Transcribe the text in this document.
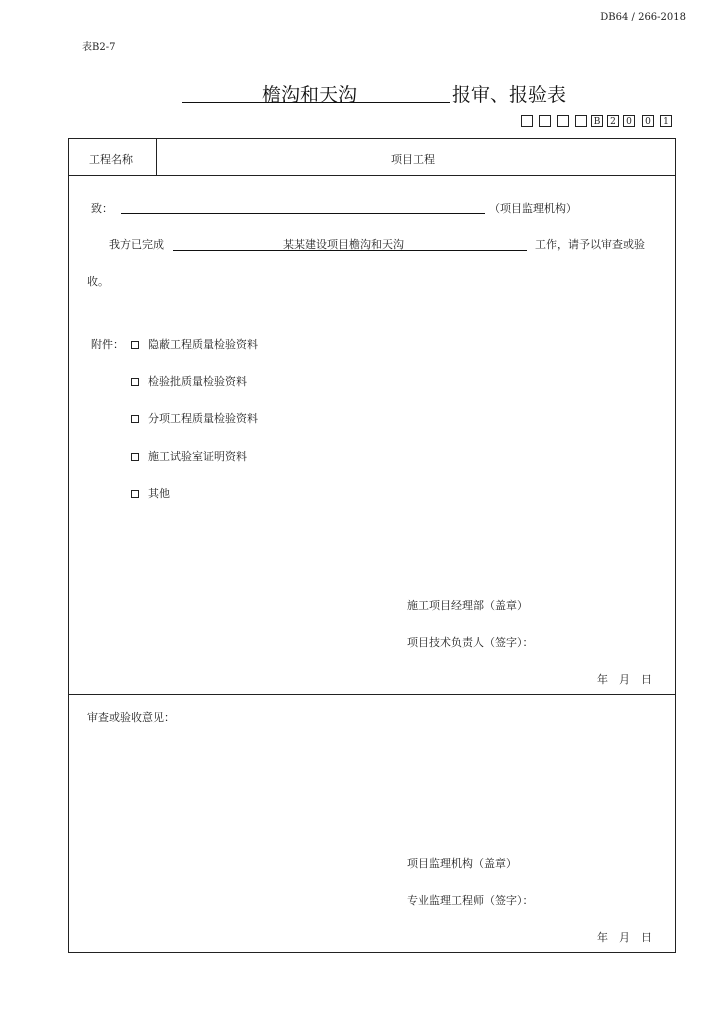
DB64 / 266-2018
表B2-7
檐沟和天沟	报审、报验表
B	2	0	0	1
工程名称	项目工程
致：	（项目监理机构）
我方已完成	某某建设项目檐沟和天沟	工作，请予以审查或验
收。
附件：	隐蔽工程质量检验资料
检验批质量检验资料
分项工程质量检验资料
施工试验室证明资料
其他
施工项目经理部（盖章）
项目技术负责人（签字）：
年　月　日
审查或验收意见：
项目监理机构（盖章）
专业监理工程师（签字）：
年　月　日
